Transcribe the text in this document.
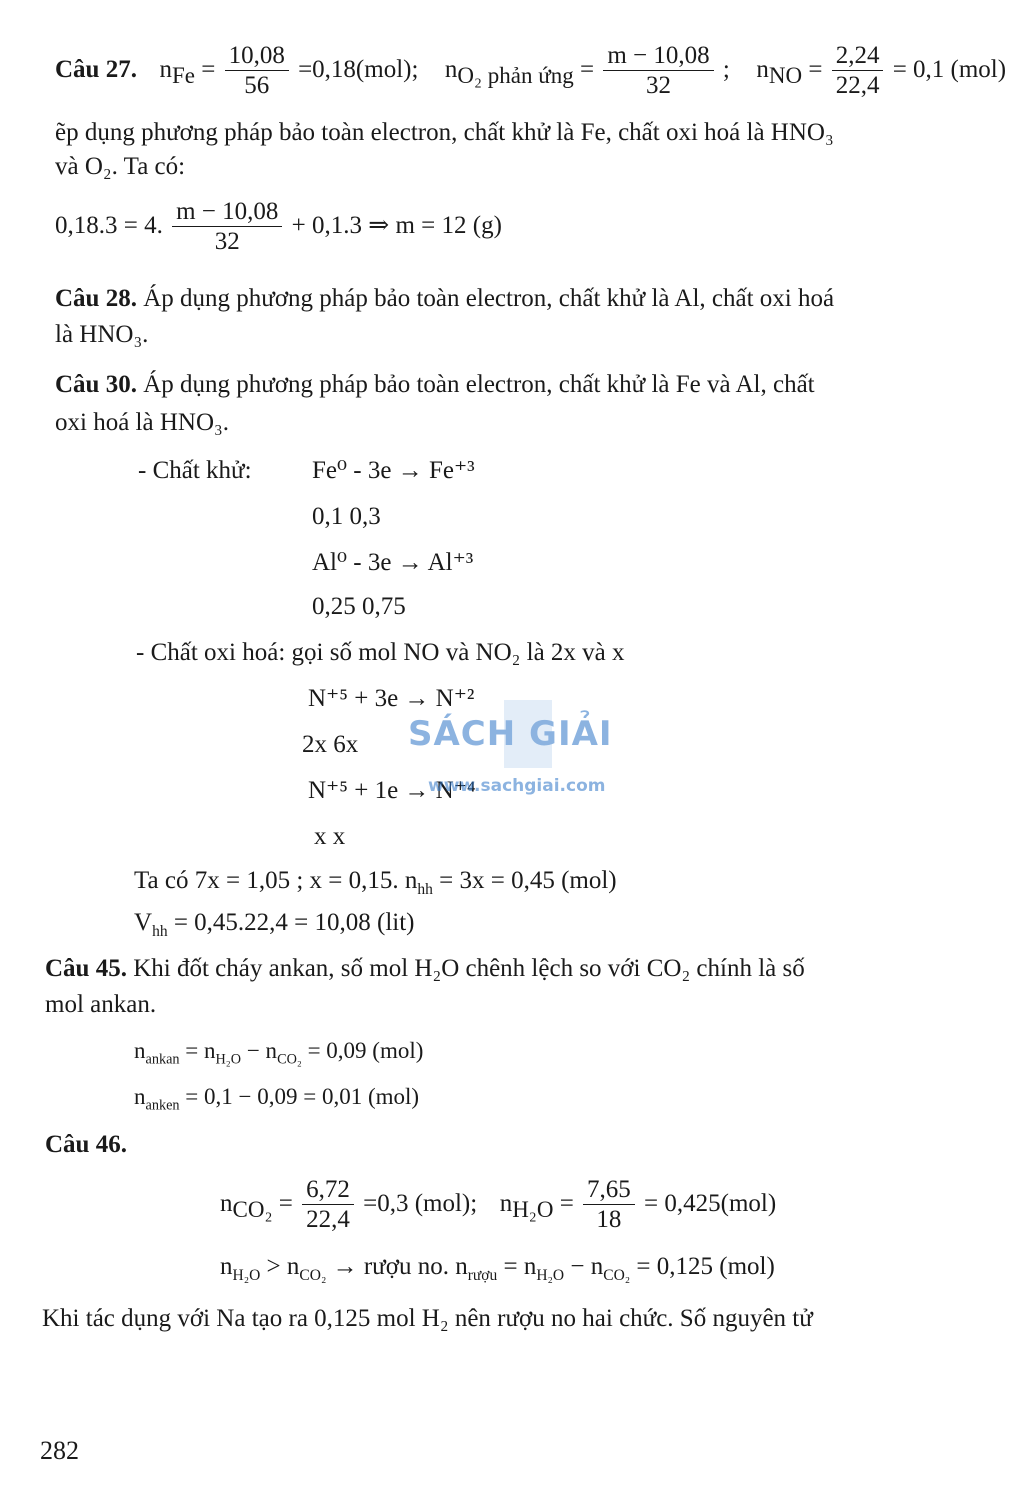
Câu 27. $n_{Fe} = \frac{10,08}{56} =0,18(mol)$; $n_{O_2 phản ứng} = \frac{m - 10,08}{32}$ ; $n_{NO} = \frac{2,24}{22,4} = 0,1$ (mol)
ẽp dụng phương pháp bảo toàn electron, chất khử là Fe, chất oxi hoá là HNO₃
và O₂. Ta có:
0,18.3 = 4. $\frac{m - 10,08}{32} + 0,1.3$ ⇒ m = 12 (g)
Câu 28. Áp dụng phương pháp bảo toàn electron, chất khử là Al, chất oxi hoá
là HNO₃.
Câu 30. Áp dụng phương pháp bảo toàn electron, chất khử là Fe và Al, chất
oxi hoá là HNO₃.
- Chất khử: Fe⁰ - 3e → Fe⁺³
0,1 0,3
Al⁰ - 3e → Al⁺³
0,25 0,75
- Chất oxi hoá: gọi số mol NO và NO₂ là 2x và x
N⁺⁵ + 3e → N⁺²
2x 6x
N⁺⁵ + 1e → N⁺⁴
x x
Ta có 7x = 1,05 ; x = 0,15. $n_{hh} = 3x = 0,45$ (mol)
$V_{hh} = 0,45.22,4 = 10,08$ (lit)
Câu 45. Khi đốt cháy ankan, số mol H₂O chênh lệch so với CO₂ chính là số
mol ankan.
$n_{ankan} = n_{H_2O} - n_{CO_2} = 0,09$ (mol)
$n_{anken} = 0,1 - 0,09 = 0,01$ (mol)
Câu 46.
$n_{CO_2} = \frac{6,72}{22,4} =0,3$ (mol); $n_{H_2O} = \frac{7,65}{18} = 0,425(mol)$
$n_{H_2O} > n_{CO_2}$ → rượu no. $n_{rượu} = n_{H_2O} - n_{CO_2} = 0,125$ (mol)
Khi tác dụng với Na tạo ra 0,125 mol H₂ nên rượu no hai chức. Số nguyên tử
SÁCH GIẢI
www.sachgiai.com
282
